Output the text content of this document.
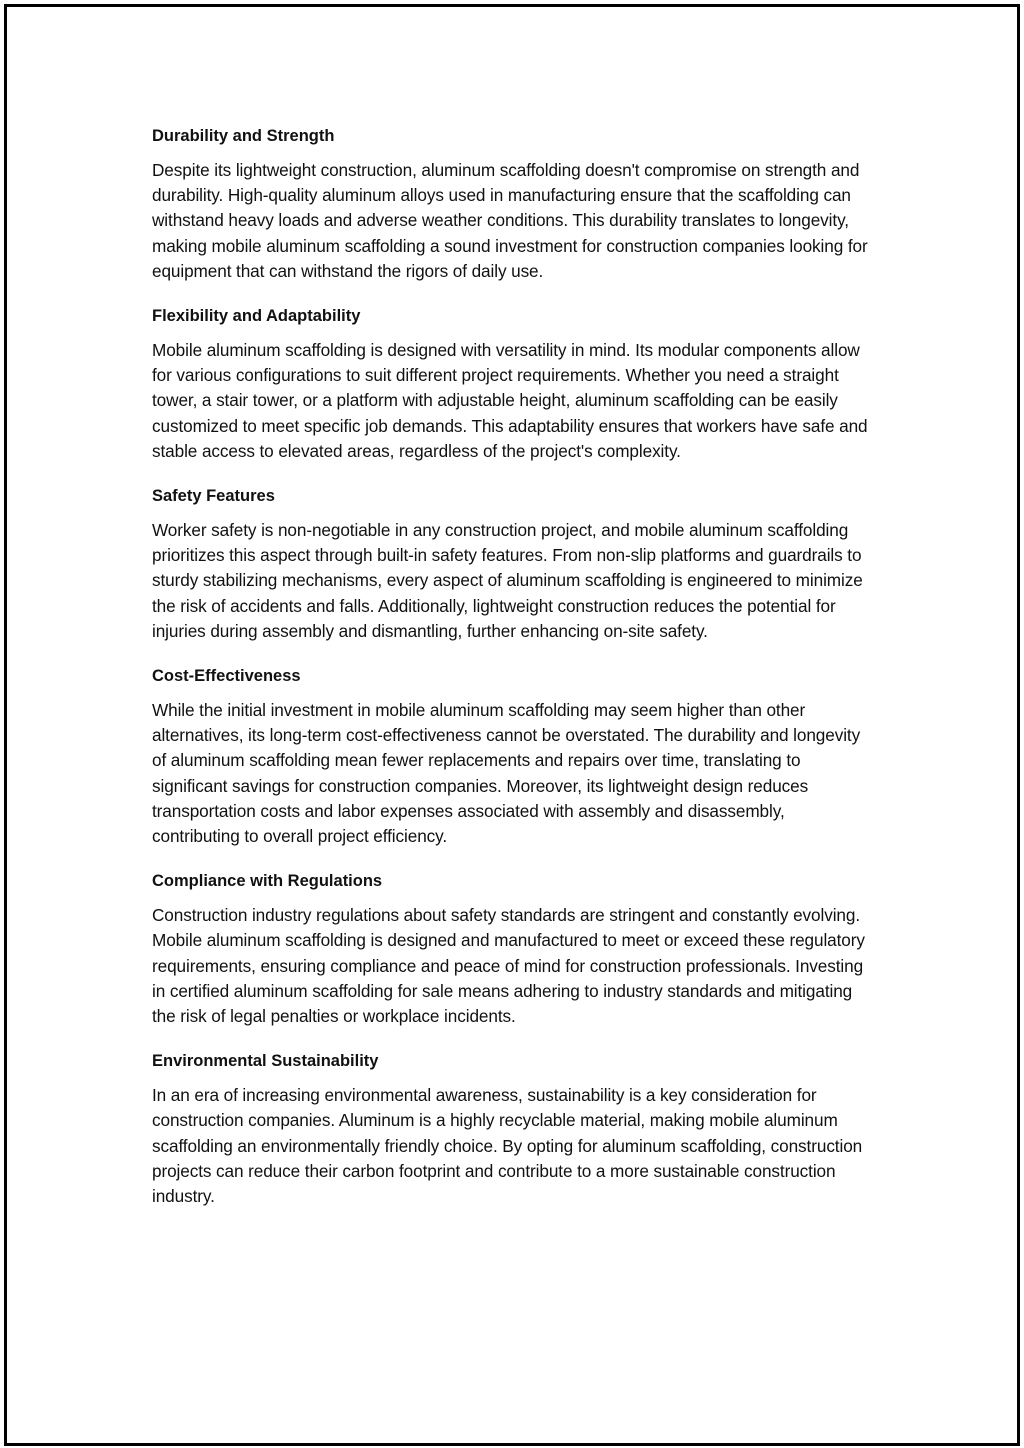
Durability and Strength

Despite its lightweight construction, aluminum scaffolding doesn't compromise on strength and durability. High-quality aluminum alloys used in manufacturing ensure that the scaffolding can withstand heavy loads and adverse weather conditions. This durability translates to longevity, making mobile aluminum scaffolding a sound investment for construction companies looking for equipment that can withstand the rigors of daily use.

Flexibility and Adaptability

Mobile aluminum scaffolding is designed with versatility in mind. Its modular components allow for various configurations to suit different project requirements. Whether you need a straight tower, a stair tower, or a platform with adjustable height, aluminum scaffolding can be easily customized to meet specific job demands. This adaptability ensures that workers have safe and stable access to elevated areas, regardless of the project's complexity.

Safety Features

Worker safety is non-negotiable in any construction project, and mobile aluminum scaffolding prioritizes this aspect through built-in safety features. From non-slip platforms and guardrails to sturdy stabilizing mechanisms, every aspect of aluminum scaffolding is engineered to minimize the risk of accidents and falls. Additionally, lightweight construction reduces the potential for injuries during assembly and dismantling, further enhancing on-site safety.

Cost-Effectiveness

While the initial investment in mobile aluminum scaffolding may seem higher than other alternatives, its long-term cost-effectiveness cannot be overstated. The durability and longevity of aluminum scaffolding mean fewer replacements and repairs over time, translating to significant savings for construction companies. Moreover, its lightweight design reduces transportation costs and labor expenses associated with assembly and disassembly, contributing to overall project efficiency.

Compliance with Regulations

Construction industry regulations about safety standards are stringent and constantly evolving. Mobile aluminum scaffolding is designed and manufactured to meet or exceed these regulatory requirements, ensuring compliance and peace of mind for construction professionals. Investing in certified aluminum scaffolding for sale means adhering to industry standards and mitigating the risk of legal penalties or workplace incidents.

Environmental Sustainability

In an era of increasing environmental awareness, sustainability is a key consideration for construction companies. Aluminum is a highly recyclable material, making mobile aluminum scaffolding an environmentally friendly choice. By opting for aluminum scaffolding, construction projects can reduce their carbon footprint and contribute to a more sustainable construction industry.
